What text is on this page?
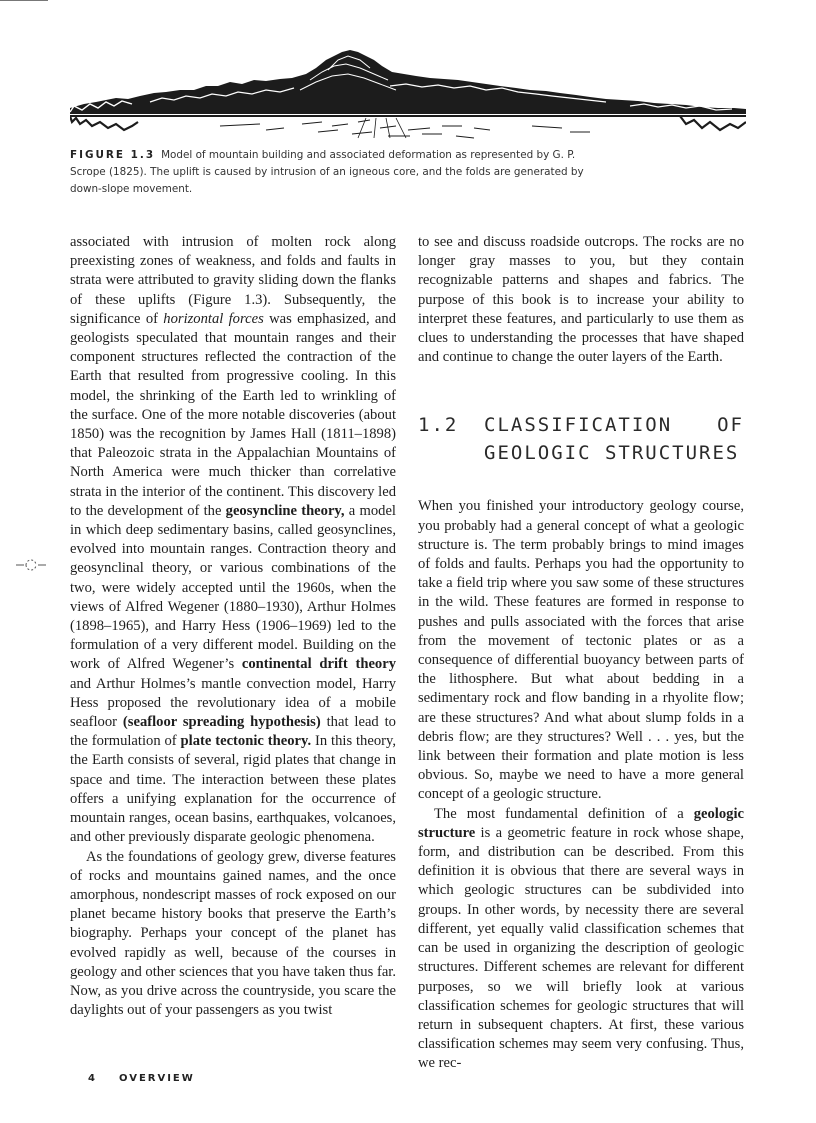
FIGURE 1.3 Model of mountain building and associated deformation as represented by G. P. Scrope (1825). The uplift is caused by intrusion of an igneous core, and the folds are generated by down-slope movement.

associated with intrusion of molten rock along preexisting zones of weakness, and folds and faults in strata were attributed to gravity sliding down the flanks of these uplifts (Figure 1.3). Subsequently, the significance of horizontal forces was emphasized, and geologists speculated that mountain ranges and their component structures reflected the contraction of the Earth that resulted from progressive cooling. In this model, the shrinking of the Earth led to wrinkling of the surface. One of the more notable discoveries (about 1850) was the recognition by James Hall (1811–1898) that Paleozoic strata in the Appalachian Mountains of North America were much thicker than correlative strata in the interior of the continent. This discovery led to the development of the geosyncline theory, a model in which deep sedimentary basins, called geosynclines, evolved into mountain ranges. Contraction theory and geosynclinal theory, or various combinations of the two, were widely accepted until the 1960s, when the views of Alfred Wegener (1880–1930), Arthur Holmes (1898–1965), and Harry Hess (1906–1969) led to the formulation of a very different model. Building on the work of Alfred Wegener’s continental drift theory and Arthur Holmes’s mantle convection model, Harry Hess proposed the revolutionary idea of a mobile seafloor (seafloor spreading hypothesis) that lead to the formulation of plate tectonic theory. In this theory, the Earth consists of several, rigid plates that change in space and time. The interaction between these plates offers a unifying explanation for the occurrence of mountain ranges, ocean basins, earthquakes, volcanoes, and other previously disparate geologic phenomena.

As the foundations of geology grew, diverse features of rocks and mountains gained names, and the once amorphous, nondescript masses of rock exposed on our planet became history books that preserve the Earth’s biography. Perhaps your concept of the planet has evolved rapidly as well, because of the courses in geology and other sciences that you have taken thus far. Now, as you drive across the countryside, you scare the daylights out of your passengers as you twist

to see and discuss roadside outcrops. The rocks are no longer gray masses to you, but they contain recognizable patterns and shapes and fabrics. The purpose of this book is to increase your ability to interpret these features, and particularly to use them as clues to understanding the processes that have shaped and continue to change the outer layers of the Earth.

1.2	CLASSIFICATION OF GEOLOGIC STRUCTURES

When you finished your introductory geology course, you probably had a general concept of what a geologic structure is. The term probably brings to mind images of folds and faults. Perhaps you had the opportunity to take a field trip where you saw some of these structures in the wild. These features are formed in response to pushes and pulls associated with the forces that arise from the movement of tectonic plates or as a consequence of differential buoyancy between parts of the lithosphere. But what about bedding in a sedimentary rock and flow banding in a rhyolite flow; are these structures? And what about slump folds in a debris flow; are they structures? Well . . . yes, but the link between their formation and plate motion is less obvious. So, maybe we need to have a more general concept of a geologic structure.

The most fundamental definition of a geologic structure is a geometric feature in rock whose shape, form, and distribution can be described. From this definition it is obvious that there are several ways in which geologic structures can be subdivided into groups. In other words, by necessity there are several different, yet equally valid classification schemes that can be used in organizing the description of geologic structures. Different schemes are relevant for different purposes, so we will briefly look at various classification schemes for geologic structures that will return in subsequent chapters. At first, these various classification schemes may seem very confusing. Thus, we rec-

4 OVERVIEW
